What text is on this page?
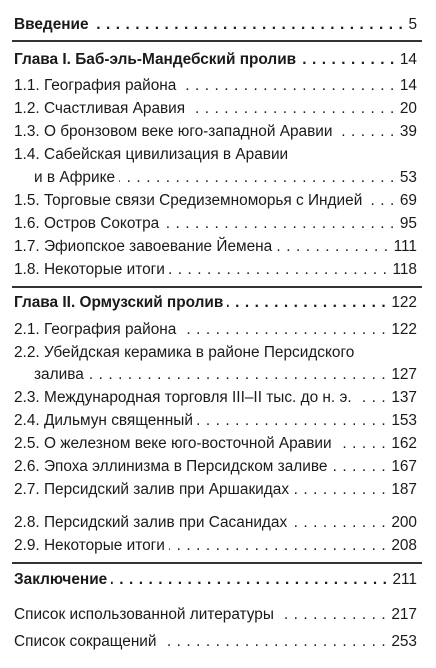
Введение . . .	5
Глава I. Баб-эль-Мандебский пролив . . .	14
1.1. География района . . .	14
1.2. Счастливая Аравия . . .	20
1.3. О бронзовом веке юго-западной Аравии . . .	39
1.4. Сабейская цивилизация в Аравии
и в Африке . . .	53
1.5. Торговые связи Средиземноморья с Индией . . . 69
1.6. Остров Сокотра . . .	95
1.7. Эфиопское завоевание Йемена . . .	111
1.8. Некоторые итоги . . .	118
Глава II. Ормузский пролив . . .	122
2.1. География района . . .	122
2.2. Убейдская керамика в районе Персидского
залива . . .	127
2.3. Международная торговля III–II тыс. до н. э. . . .	137
2.4. Дильмун священный . . .	153
2.5. О железном веке юго-восточной Аравии . . .	162
2.6. Эпоха эллинизма в Персидском заливе . . .	167
2.7. Персидский залив при Аршакидах . . .	187
2.8. Персидский залив при Сасанидах . . .	200
2.9. Некоторые итоги . . .	208
Заключение . . .	211
Список использованной литературы . . .	217
Список сокращений . . .	253
